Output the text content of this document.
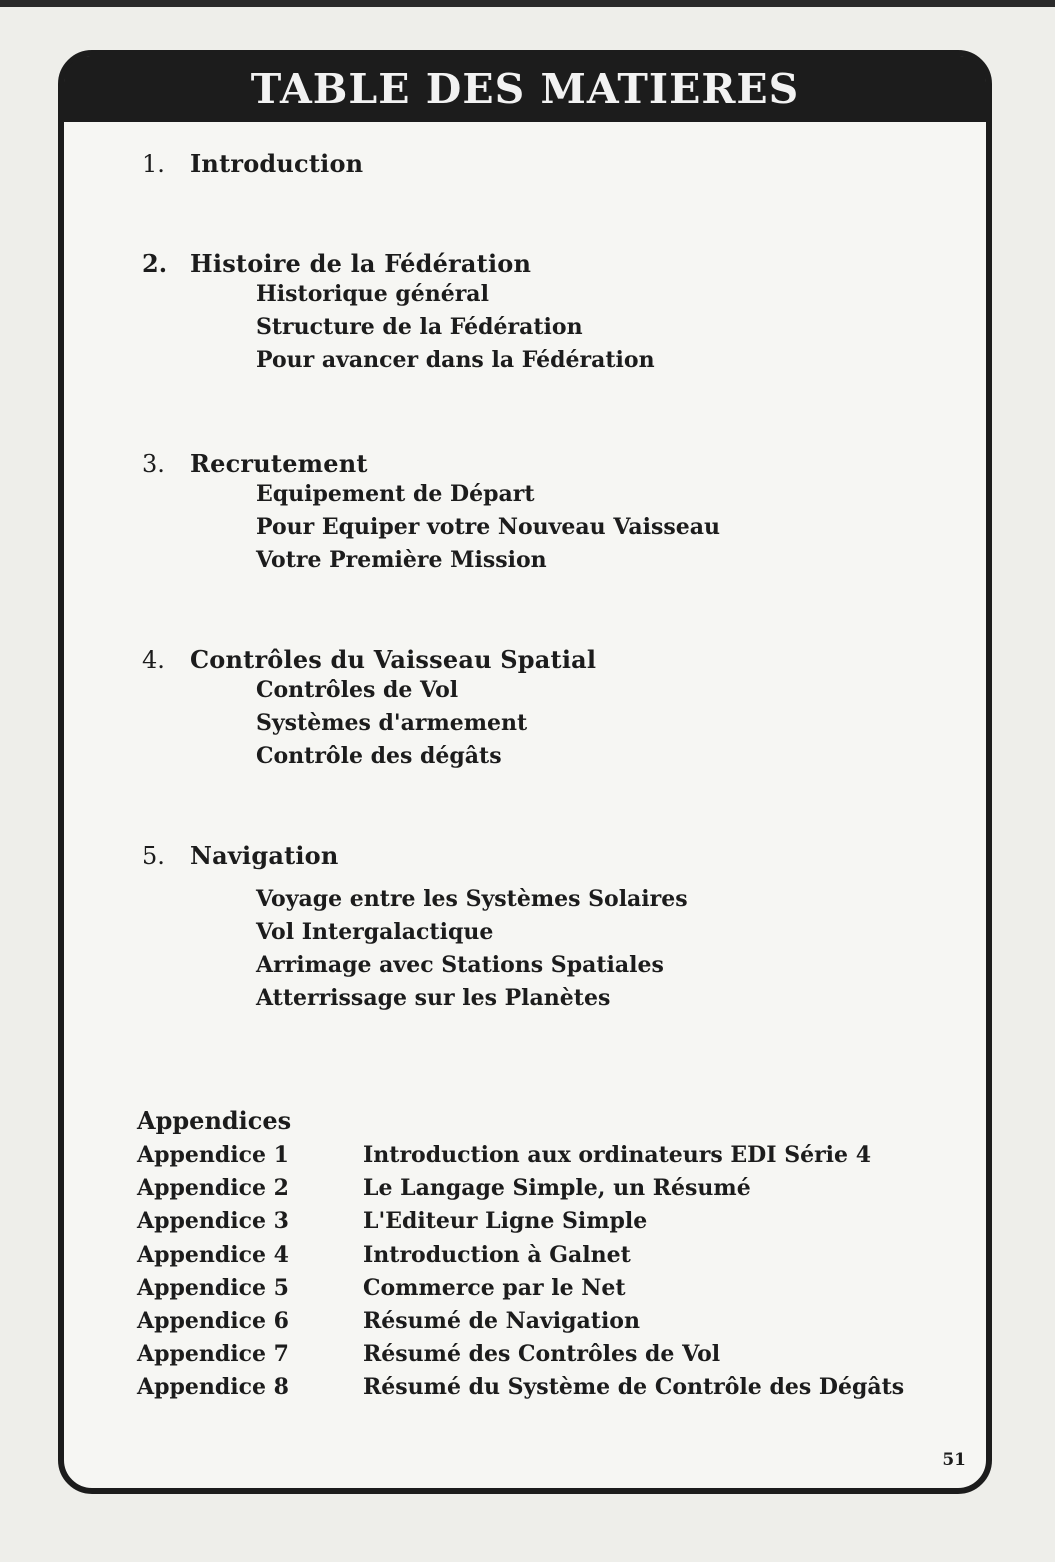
TABLE DES MATIERES
1.	Introduction
2. Histoire de la Fédération
Historique général
Structure de la Fédération
Pour avancer dans la Fédération
3.	Recrutement
Equipement de Départ
Pour Equiper votre Nouveau Vaisseau
Votre Première Mission
4.	Contrôles du Vaisseau Spatial
Contrôles de Vol
Systèmes d'armement
Contrôle des dégâts
5.	Navigation
Voyage entre les Systèmes Solaires
Vol Intergalactique
Arrimage avec Stations Spatiales
Atterrissage sur les Planètes
Appendices
Appendice 1	Introduction aux ordinateurs EDI Série 4
Appendice 2	Le Langage Simple, un Résumé
Appendice 3	L'Editeur Ligne Simple
Appendice 4	Introduction à Galnet
Appendice 5	Commerce par le Net
Appendice 6	Résumé de Navigation
Appendice 7	Résumé des Contrôles de Vol
Appendice 8	Résumé du Système de Contrôle des Dégâts
51
